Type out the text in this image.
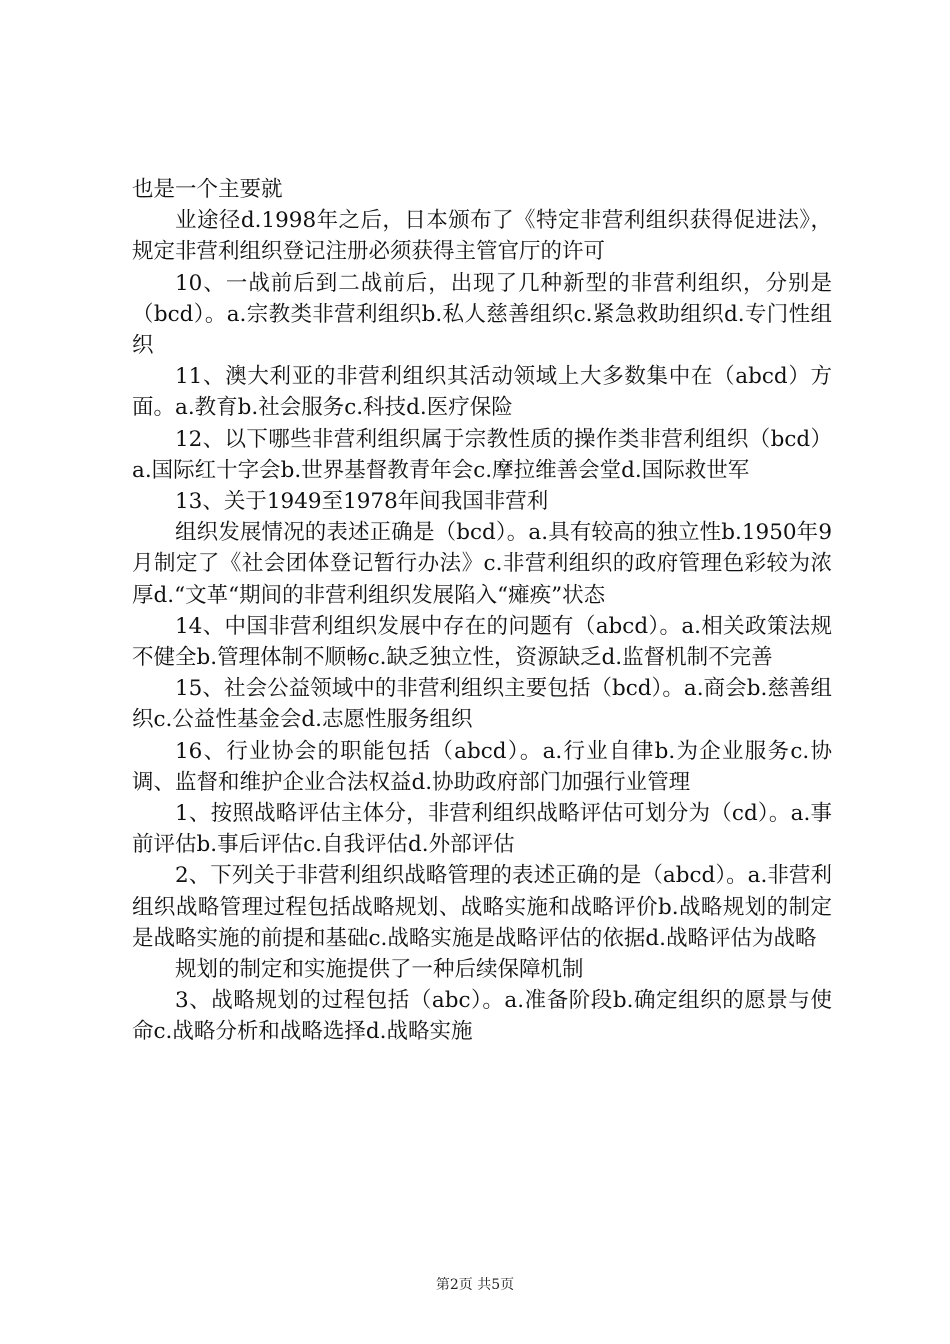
也是一个主要就

业途径d.1998年之后，日本颁布了《特定非营利组织获得促进法》，规定非营利组织登记注册必须获得主管官厅的许可

10、一战前后到二战前后，出现了几种新型的非营利组织，分别是（bcd）。a.宗教类非营利组织b.私人慈善组织c.紧急救助组织d.专门性组织

11、澳大利亚的非营利组织其活动领域上大多数集中在（abcd）方面。a.教育b.社会服务c.科技d.医疗保险

12、以下哪些非营利组织属于宗教性质的操作类非营利组织（bcd）a.国际红十字会b.世界基督教青年会c.摩拉维善会堂d.国际救世军

13、关于1949至1978年间我国非营利

组织发展情况的表述正确是（bcd）。a.具有较高的独立性b.1950年9月制定了《社会团体登记暂行办法》c.非营利组织的政府管理色彩较为浓厚d.“文革“期间的非营利组织发展陷入“瘫痪”状态

14、中国非营利组织发展中存在的问题有（abcd）。a.相关政策法规不健全b.管理体制不顺畅c.缺乏独立性，资源缺乏d.监督机制不完善

15、社会公益领域中的非营利组织主要包括（bcd）。a.商会b.慈善组织c.公益性基金会d.志愿性服务组织

16、行业协会的职能包括（abcd）。a.行业自律b.为企业服务c.协调、监督和维护企业合法权益d.协助政府部门加强行业管理

1、按照战略评估主体分，非营利组织战略评估可划分为（cd）。a.事前评估b.事后评估c.自我评估d.外部评估

2、下列关于非营利组织战略管理的表述正确的是（abcd）。a.非营利组织战略管理过程包括战略规划、战略实施和战略评价b.战略规划的制定是战略实施的前提和基础c.战略实施是战略评估的依据d.战略评估为战略

规划的制定和实施提供了一种后续保障机制

3、战略规划的过程包括（abc）。a.准备阶段b.确定组织的愿景与使命c.战略分析和战略选择d.战略实施

第2页 共5页
